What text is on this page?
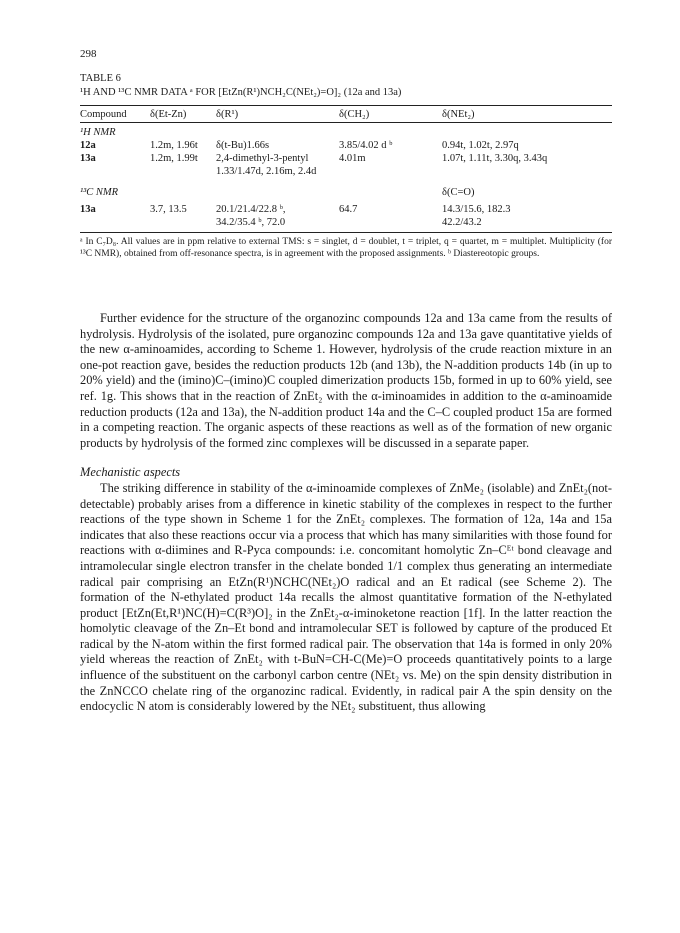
298

TABLE 6

¹H AND ¹³C NMR DATA ᵃ FOR [EtZn(R¹)NCH₂C(NEt₂)=O]₂ (12a and 13a)

Compound	δ(Et-Zn)	δ(R¹)	δ(CH₂)	δ(NEt₂)
¹H NMR				
12a	1.2m, 1.96t	δ(t-Bu)1.66s	3.85/4.02 d ᵇ	0.94t, 1.02t, 2.97q
13a	1.2m, 1.99t	2,4-dimethyl-3-pentyl	4.01m	1.07t, 1.11t, 3.30q, 3.43q
		1.33/1.47d, 2.16m, 2.4d		
¹³C NMR				δ(C=O)
13a	3.7, 13.5	20.1/21.4/22.8 ᵇ,	64.7	14.3/15.6, 182.3
		34.2/35.4 ᵇ, 72.0		42.2/43.2

ᵃ In C₇D₈. All values are in ppm relative to external TMS: s = singlet, d = doublet, t = triplet, q = quartet, m = multiplet. Multiplicity (for ¹³C NMR), obtained from off-resonance spectra, is in agreement with the proposed assignments. ᵇ Diastereotopic groups.

Further evidence for the structure of the organozinc compounds 12a and 13a came from the results of hydrolysis. Hydrolysis of the isolated, pure organozinc compounds 12a and 13a gave quantitative yields of the new α-aminoamides, according to Scheme 1. However, hydrolysis of the crude reaction mixture in an one-pot reaction gave, besides the reduction products 12b (and 13b), the N-addition products 14b (in up to 20% yield) and the (imino)C–(imino)C coupled dimerization products 15b, formed in up to 60% yield, see ref. 1g. This shows that in the reaction of ZnEt₂ with the α-iminoamides in addition to the α-aminoamide reduction products (12a and 13a), the N-addition product 14a and the C–C coupled product 15a are formed in a competing reaction. The organic aspects of these reactions as well as of the formation of new organic products by hydrolysis of the formed zinc complexes will be discussed in a separate paper.

Mechanistic aspects

The striking difference in stability of the α-iminoamide complexes of ZnMe₂ (isolable) and ZnEt₂(not-detectable) probably arises from a difference in kinetic stability of the complexes in respect to the further reactions of the type shown in Scheme 1 for the ZnEt₂ complexes. The formation of 12a, 14a and 15a indicates that also these reactions occur via a process that which has many similarities with those found for reactions with α-diimines and R-Pyca compounds: i.e. concomitant homolytic Zn–Cᴱᵗ bond cleavage and intramolecular single electron transfer in the chelate bonded 1/1 complex thus generating an intermediate radical pair comprising an EtZn(R¹)NCHC(NEt₂)O radical and an Et radical (see Scheme 2). The formation of the N-ethylated product 14a recalls the almost quantitative formation of the N-ethylated product [EtZn(Et,R¹)NC(H)=C(R³)O]₂ in the ZnEt₂-α-iminoketone reaction [1f]. In the latter reaction the homolytic cleavage of the Zn–Et bond and intramolecular SET is followed by capture of the produced Et radical by the N-atom within the first formed radical pair. The observation that 14a is formed in only 20% yield whereas the reaction of ZnEt₂ with t-BuN=CH-C(Me)=O proceeds quantitatively points to a large influence of the substituent on the carbonyl carbon centre (NEt₂ vs. Me) on the spin density distribution in the ZnNCCO chelate ring of the organozinc radical. Evidently, in radical pair A the spin density on the endocyclic N atom is considerably lowered by the NEt₂ substituent, thus allowing
